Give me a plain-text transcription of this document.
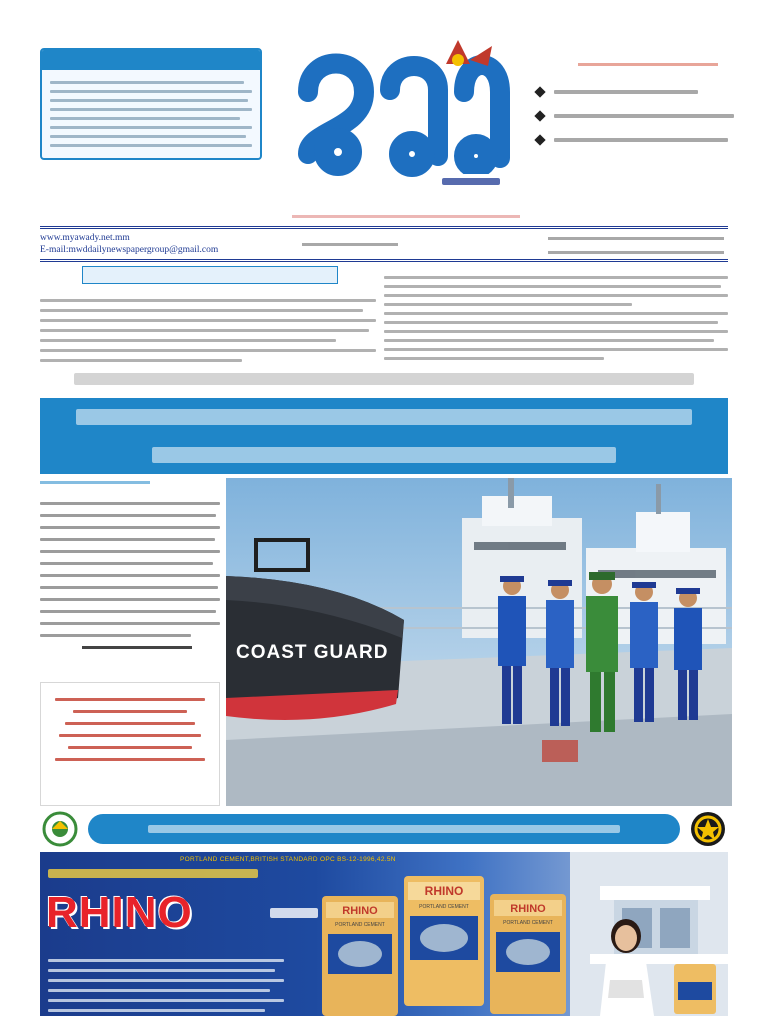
www.myawady.net.mm
E-mail:mwddailynewspapergroup@gmail.com
COAST GUARD
PORTLAND CEMENT,BRITISH STANDARD OPC BS-12-1996,42.5N
RHINO	RHINO
PORTLAND CEMENT
RHINO
PORTLAND CEMENT	RHINO
PORTLAND CEMENT
